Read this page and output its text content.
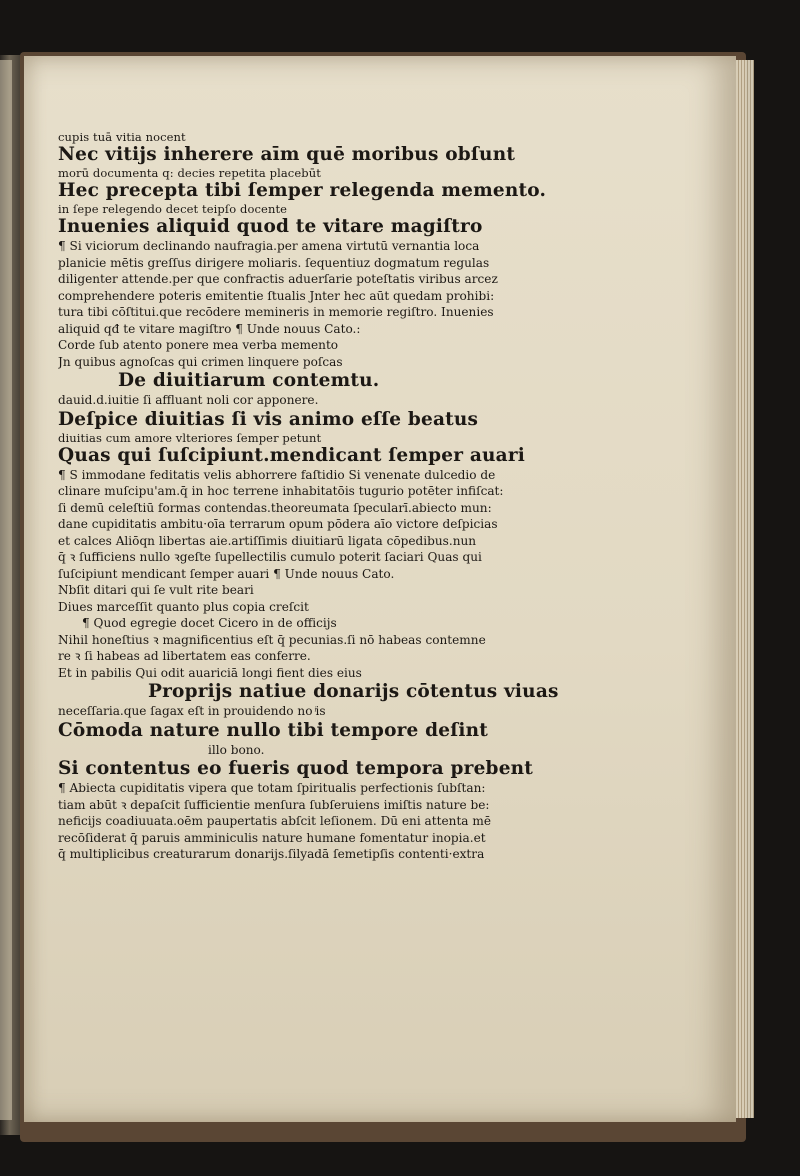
cupis tuā vitia nocent
Nec vitijs inherere aīm quē moribus obſunt
morū documenta q: decies repetita placebūt
Hec precepta tibi ſemper relegenda memento.
in ſepe relegendo decet teipſo docente
Inuenies aliquid quod te vitare magiſtro
¶ Si viciorum declinando naufragia.per amena virtutū vernantia loca
planicie mētis greſſus dirigere moliaris. ſequentiuz dogmatum regulas
diligenter attende.per que confractis aduerſarie poteſtatis viribus arcez
comprehendere poteris emitentie ſtualis Jnter hec aūt quedam prohibi:
tura tibi cōſtitui.que recōdere memineris in memorie regiſtro. Inuenies
aliquid qđ te vitare magiſtro ¶ Unde nouus Cato.:
Corde ſub atento ponere mea verba memento
Jn quibus agnoſcas qui crimen linquere poſcas
De diuitiarum contemtu.
dauid.d.iuitie ſi affluant noli cor apponere.
Deſpice diuitias ſi vis animo eſſe beatus
diuitias cum amore vlteriores ſemper petunt
Quas qui ſuſcipiunt.mendicant ſemper auari
¶ S immodane feditatis velis abhorrere faſtidio Si venenate dulcedio de
clinare muſcipu'am.q̄ in hoc terrene inhabitatōis tugurio potēter infiſcat:
ſi demū celeſtiū formas contendas.theoreumata ſpecularī.abiecto mun:
dane cupiditatis ambitu·oīa terrarum opum pōdera aīo victore deſpicias
et calces Aliōqn libertas aie.artiſſimis diuitiarū ligata cōpedibus.nun
q̄ ꝛ ſufficiens nullo ꝛgeſte ſupellectilis cumulo poterit ſaciari Quas qui
ſuſcipiunt mendicant ſemper auari ¶ Unde nouus Cato.
Nbſit ditari qui ſe vult rite beari
Diues marceſſit quanto plus copia creſcit
¶ Quod egregie docet Cicero in de officijs
Nihil honeſtius ꝛ magnificentius eſt q̄ pecunias.ſi nō habeas contemne
re ꝛ ſi habeas ad libertatem eas conferre.
Et in pabilis Qui odit auariciā longi fient dies eius
Proprijs natiue donarijs cōtentus viuas
neceſſaria.que ſagax eſt in prouidendo no ͥis
Cōmoda nature nullo tibi tempore deſint
illo bono.
Si contentus eo fueris quod tempora prebent
¶ Abiecta cupiditatis vipera que totam ſpiritualis perfectionis ſubſtan:
tiam abūt ꝛ depaſcit ſufficientie menſura ſubſeruiens imiſtis nature be:
neficijs coadiuuata.oēm paupertatis abſcit leſionem. Dū eni attenta mē
recōſiderat q̄ paruis amminiculis nature humane fomentatur inopia.et
q̄ multiplicibus creaturarum donarijs.ſilyadā ſemetipſis contenti·extra
